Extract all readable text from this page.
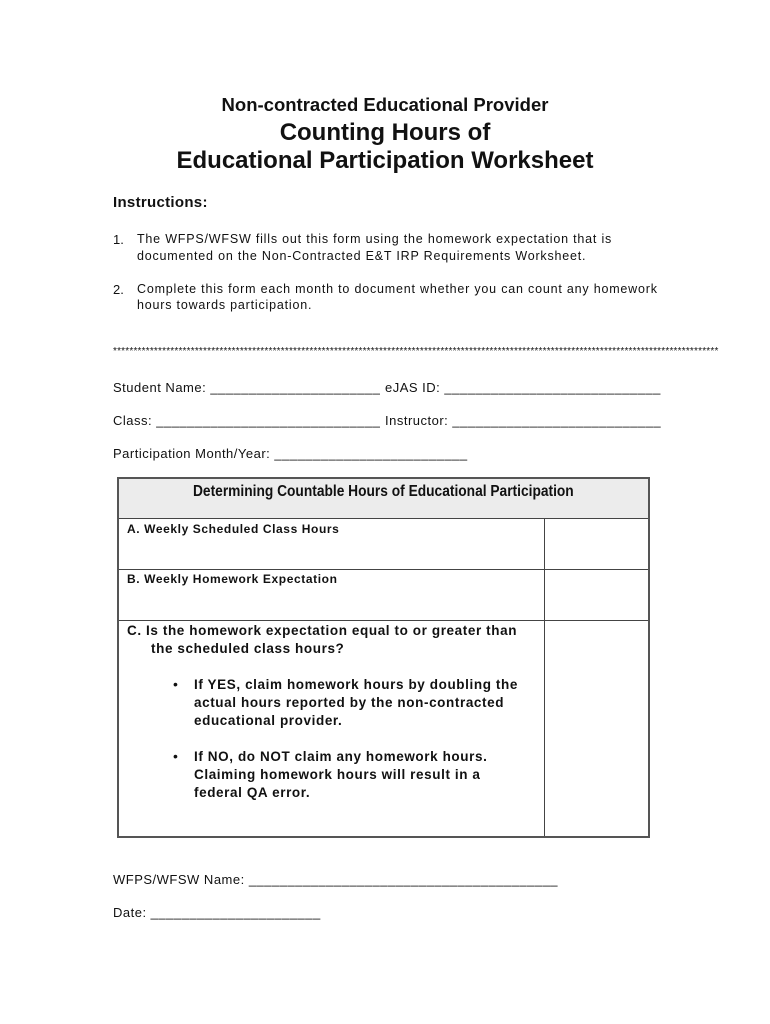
Non-contracted Educational Provider
Counting Hours of
Educational Participation Worksheet
Instructions:
1. The WFPS/WFSW fills out this form using the homework expectation that is
documented on the Non-Contracted E&T IRP Requirements Worksheet.
2. Complete this form each month to document whether you can count any homework
hours towards participation.
****************************************************************************************************************************************************
Student Name: ______________________ eJAS ID: ____________________________
Class: _____________________________ Instructor: ___________________________
Participation Month/Year: _________________________
Determining Countable Hours of Educational Participation
A. Weekly Scheduled Class Hours
B. Weekly Homework Expectation
C. Is the homework expectation equal to or greater than
the scheduled class hours?
• If YES, claim homework hours by doubling the
actual hours reported by the non-contracted
educational provider.
• If NO, do NOT claim any homework hours.
Claiming homework hours will result in a
federal QA error.
WFPS/WFSW Name: ________________________________________
Date: ______________________
